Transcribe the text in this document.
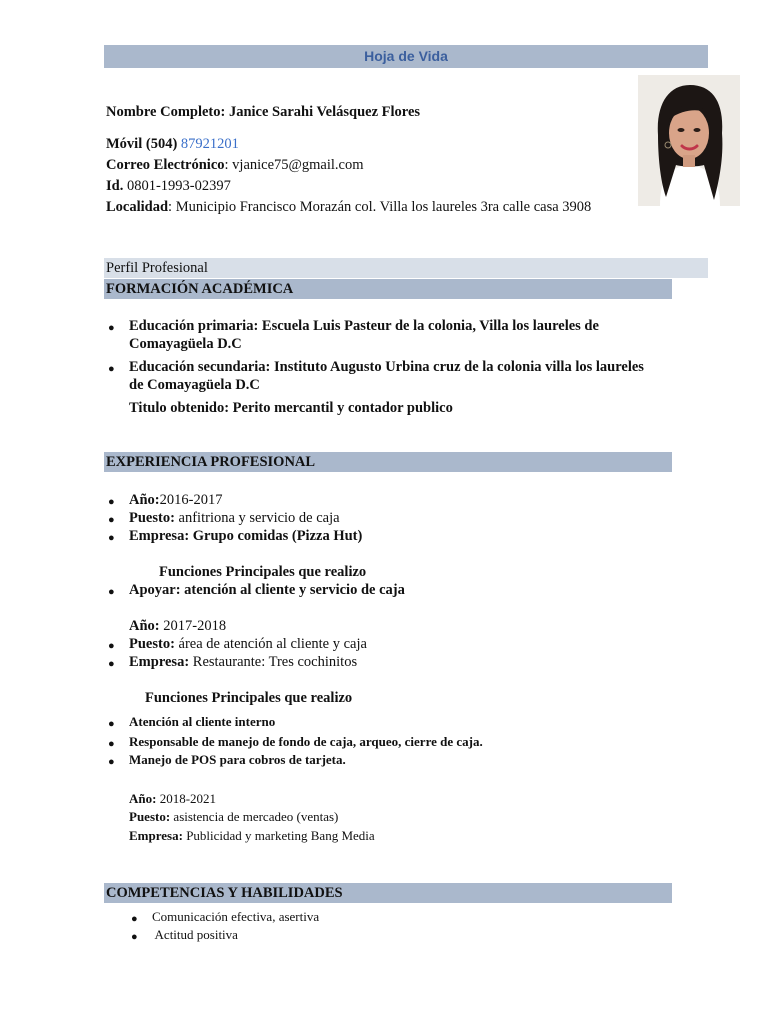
Hoja de Vida
Nombre Completo: Janice Sarahi Velásquez Flores
Móvil (504) 87921201
Correo Electrónico: vjanice75@gmail.com
Id. 0801-1993-02397
Localidad: Municipio Francisco Morazán col. Villa los laureles 3ra calle casa 3908
Perfil Profesional
FORMACIÓN ACADÉMICA
● Educación primaria: Escuela Luis Pasteur de la colonia, Villa los laureles de
Comayagüela D.C
● Educación secundaria: Instituto Augusto Urbina cruz de la colonia villa los laureles
de Comayagüela D.C
Titulo obtenido: Perito mercantil y contador publico
EXPERIENCIA PROFESIONAL
● Año:2016-2017
● Puesto: anfitriona y servicio de caja
● Empresa: Grupo comidas (Pizza Hut)
Funciones Principales que realizo
● Apoyar: atención al cliente y servicio de caja
Año: 2017-2018
● Puesto: área de atención al cliente y caja
● Empresa: Restaurante: Tres cochinitos
Funciones Principales que realizo
● Atención al cliente interno
● Responsable de manejo de fondo de caja, arqueo, cierre de caja.
● Manejo de POS para cobros de tarjeta.
Año: 2018-2021
Puesto: asistencia de mercadeo (ventas)
Empresa: Publicidad y marketing Bang Media
COMPETENCIAS Y HABILIDADES
● Comunicación efectiva, asertiva
● Actitud positiva
